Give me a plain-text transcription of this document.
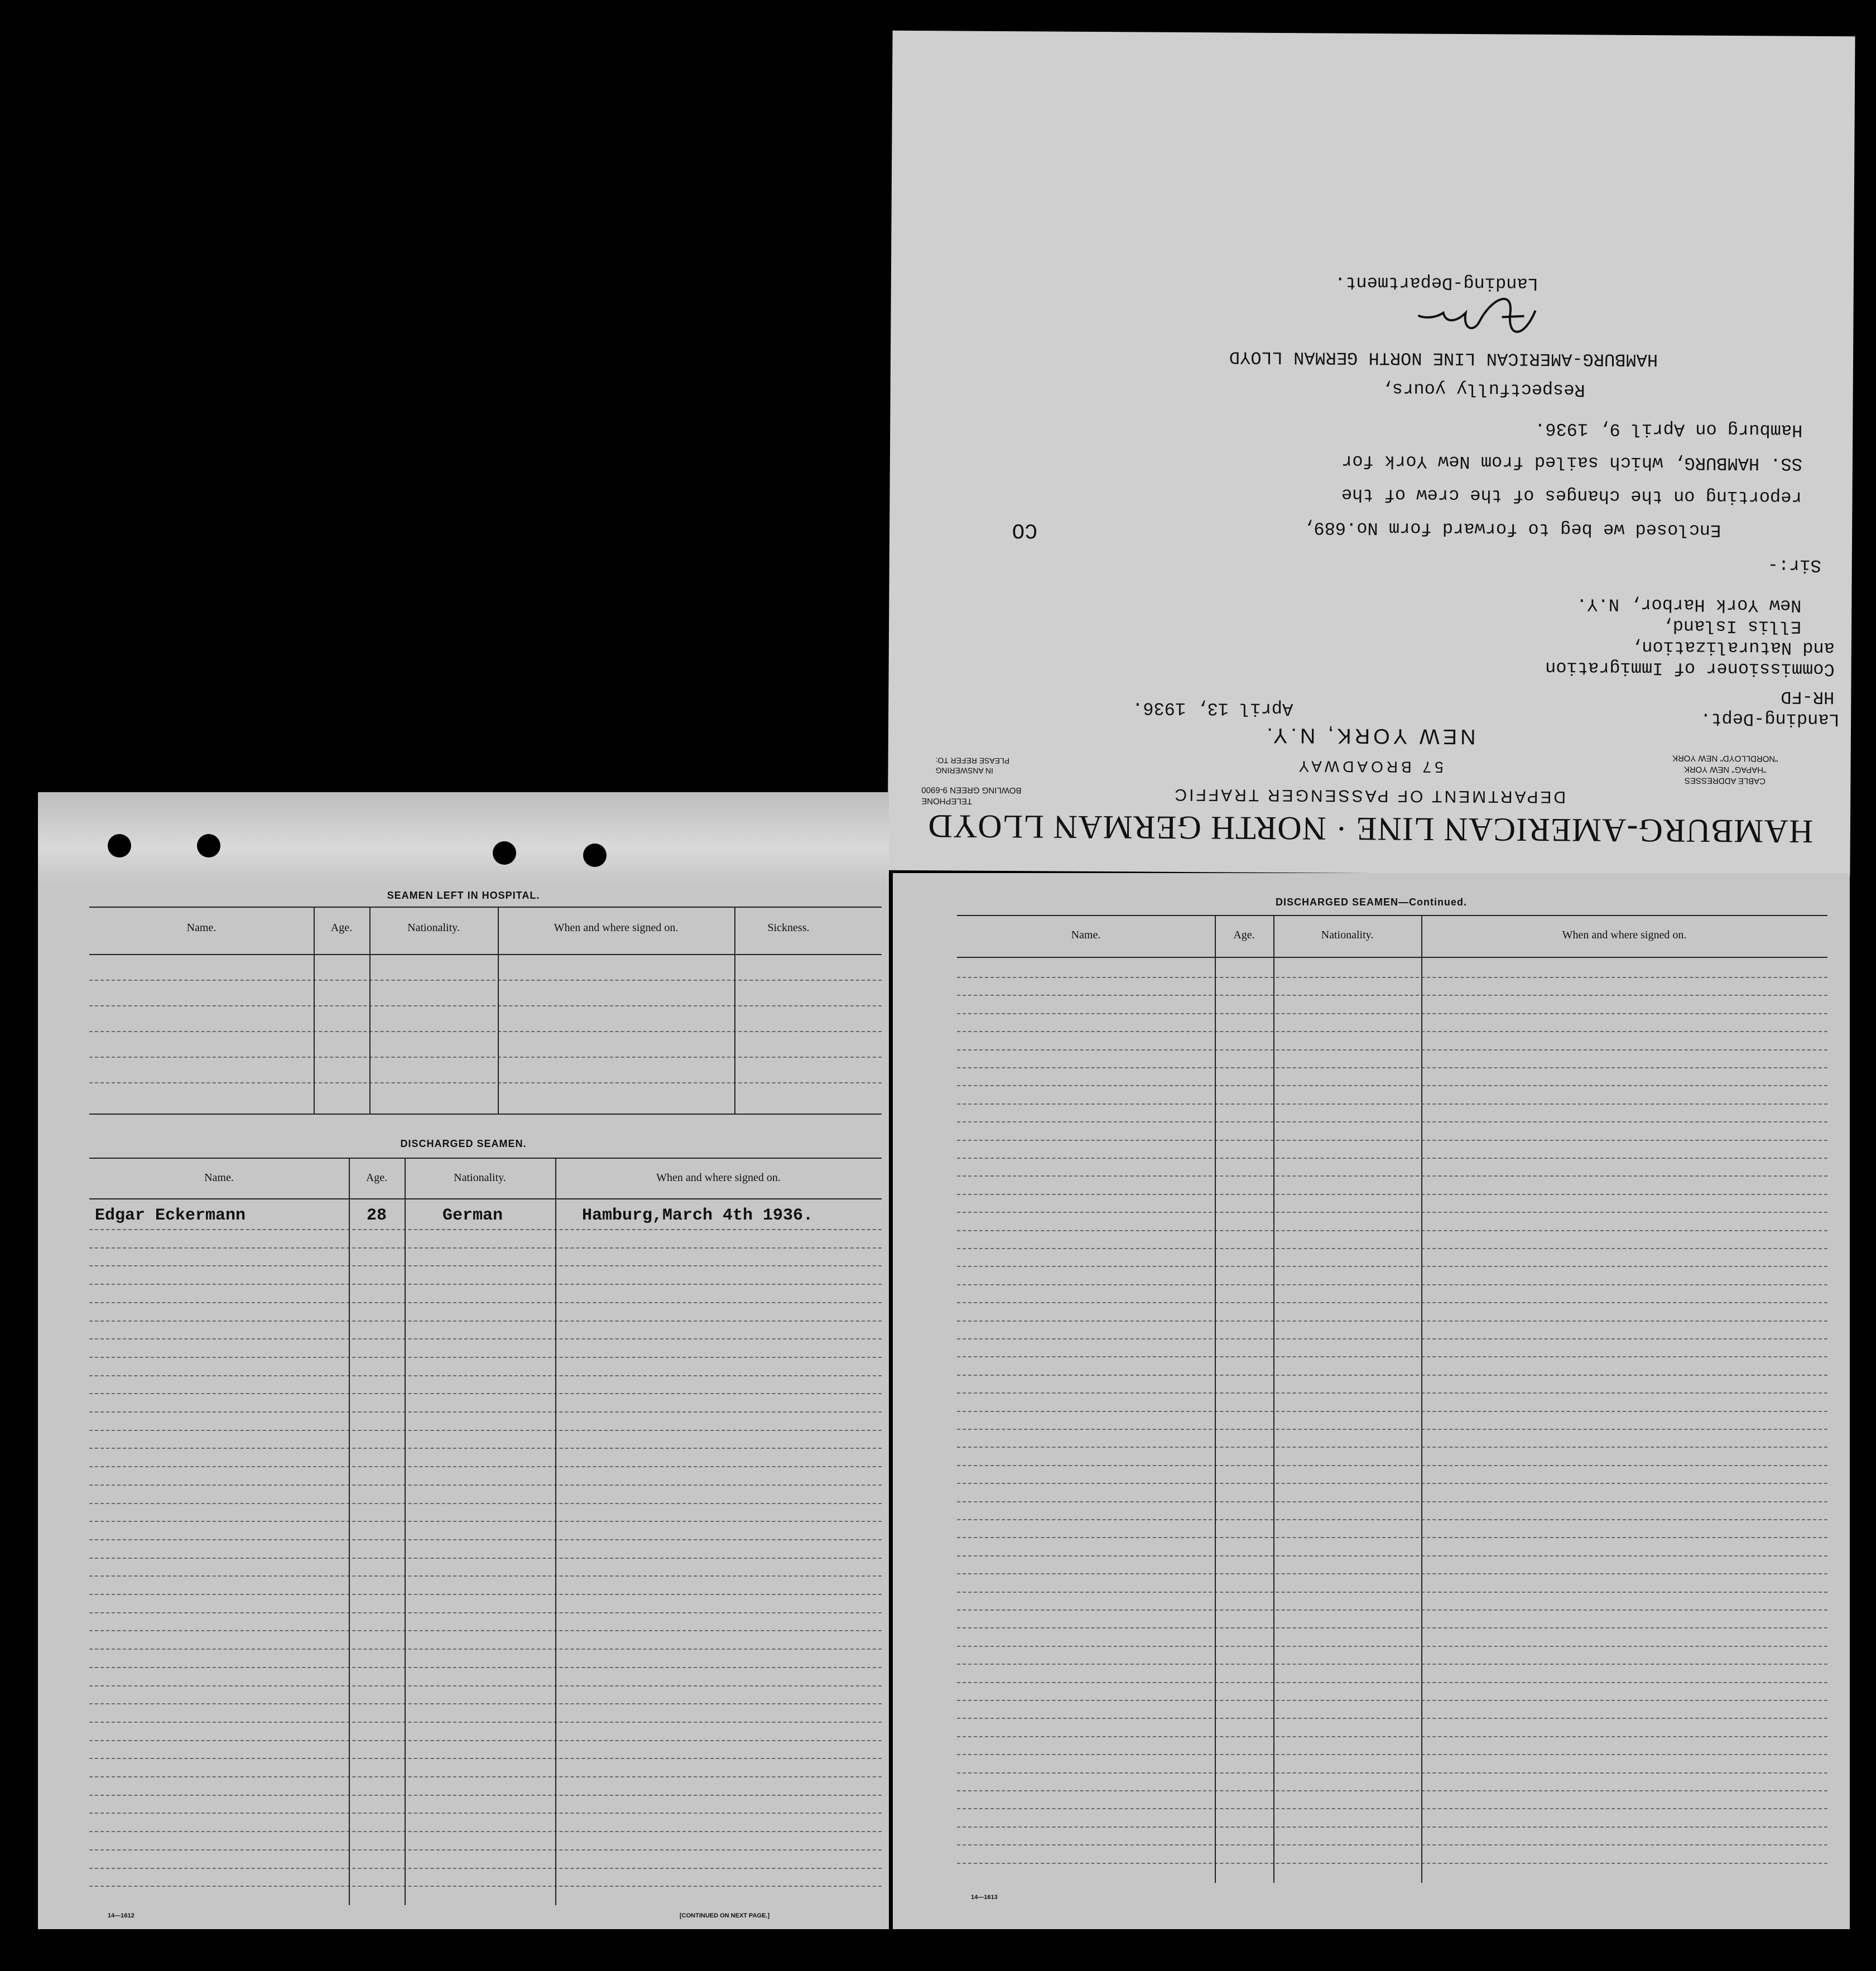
HAMBURG-AMERICAN LINE · NORTH GERMAN LLOYD
DEPARTMENT OF PASSENGER TRAFFIC
57 BROADWAY
NEW YORK, N.Y.
TELEPHONE
BOWLING GREEN 9-6900
IN ANSWERING
PLEASE REFER TO:
CABLE ADDRESSES
"HAPAG" NEW YORK
"NORDLLOYD" NEW YORK
Landing-Dept.
HR-FD
April 13, 1936.
Commissioner of Immigration
and Naturalization,
Ellis Island,
New York Harbor, N.Y.
Sir:-
Enclosed we beg to forward form No.689,
CO
reporting on the changes of the crew of the
SS. HAMBURG, which sailed from New York for
Hamburg on April 9, 1936.
Respectfully yours,
HAMBURG-AMERICAN LINE NORTH GERMAN LLOYD
Landing-Department.
SEAMEN LEFT IN HOSPITAL.
Name.	Age.	Nationality.	When and where signed on.	Sickness.
DISCHARGED SEAMEN.
Name.	Age.	Nationality.	When and where signed on.
Edgar Eckermann	28	German	Hamburg,March 4th 1936.
14—1612	[CONTINUED ON NEXT PAGE.]
DISCHARGED SEAMEN—Continued.
Name.	Age.	Nationality.	When and where signed on.
14—1613
